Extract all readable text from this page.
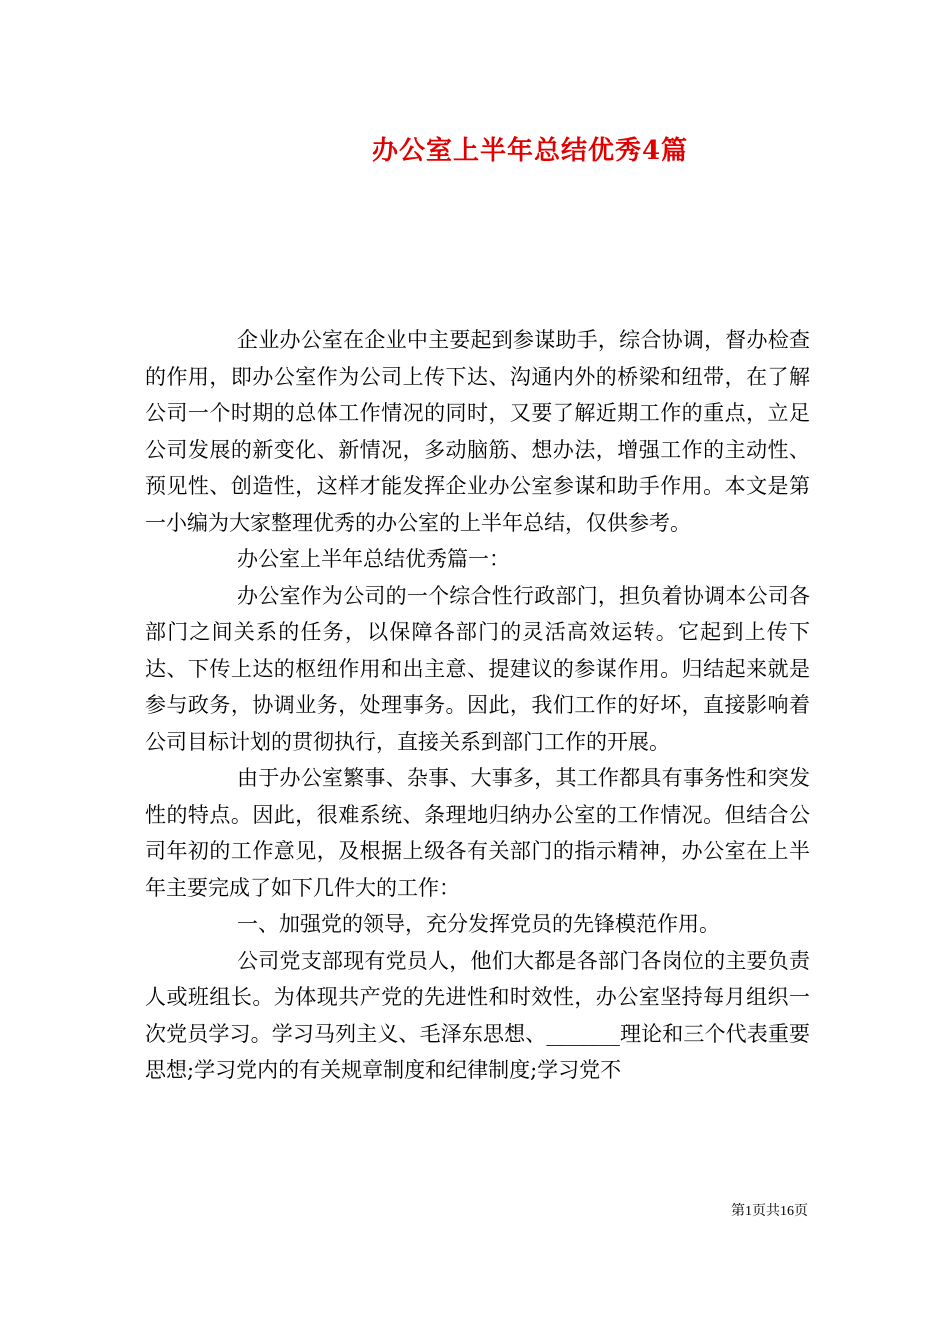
办公室上半年总结优秀4篇

企业办公室在企业中主要起到参谋助手，综合协调，督办检查的作用，即办公室作为公司上传下达、沟通内外的桥梁和纽带，在了解公司一个时期的总体工作情况的同时，又要了解近期工作的重点，立足公司发展的新变化、新情况，多动脑筋、想办法，增强工作的主动性、预见性、创造性，这样才能发挥企业办公室参谋和助手作用。本文是第一小编为大家整理优秀的办公室的上半年总结，仅供参考。

办公室上半年总结优秀篇一：

办公室作为公司的一个综合性行政部门，担负着协调本公司各部门之间关系的任务，以保障各部门的灵活高效运转。它起到上传下达、下传上达的枢纽作用和出主意、提建议的参谋作用。归结起来就是参与政务，协调业务，处理事务。因此，我们工作的好坏，直接影响着公司目标计划的贯彻执行，直接关系到部门工作的开展。

由于办公室繁事、杂事、大事多，其工作都具有事务性和突发性的特点。因此，很难系统、条理地归纳办公室的工作情况。但结合公司年初的工作意见，及根据上级各有关部门的指示精神，办公室在上半年主要完成了如下几件大的工作：

一、加强党的领导，充分发挥党员的先锋模范作用。

公司党支部现有党员人，他们大都是各部门各岗位的主要负责人或班组长。为体现共产党的先进性和时效性，办公室坚持每月组织一次党员学习。学习马列主义、毛泽东思想、_______理论和三个代表重要思想;学习党内的有关规章制度和纪律制度;学习党不

第1页共16页
